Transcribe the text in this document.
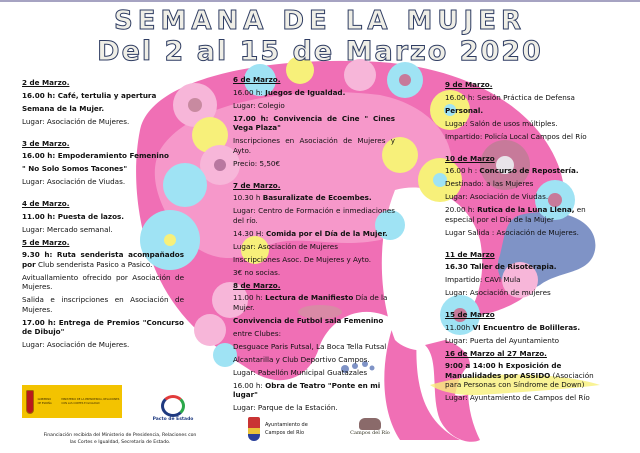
SEMANA DE LA MUJER
Del 2 al 15 de Marzo 2020

2 de Marzo.

16.00 h: Café, tertulia y apertura

Semana de la Mujer.

Lugar: Asociación de Mujeres.

3 de Marzo.

16.00 h: Empoderamiento Femenino

" No Solo Somos Tacones"

Lugar: Asociación de Viudas.

4 de Marzo.

11.00 h: Puesta de lazos.

Lugar: Mercado semanal.

5 de Marzo.

9.30 h: Ruta senderista acompañados por Club senderista Pasico a Pasico.

Avituallamiento ofrecido por Asociación de Mujeres.

Salida e inscripciones en Asociación de Mujeres.

17.00 h: Entrega de Premios "Concurso de Dibujo"

Lugar: Asociación de Mujeres.

6 de Marzo.

16.00 h: Juegos de Igualdad.

Lugar: Colegio

17.00 h: Convivencia de Cine " Cines Vega Plaza"

Inscripciones en Asociación de Mujeres y Ayto.

Precio: 5,50€

7 de Marzo.

10.30 h Basuralizate de Ecoembes.

Lugar: Centro de Formación e inmediaciones del río.

14.30 H: Comida por el Día de la Mujer.

Lugar: Asociación de Mujeres

Inscripciones Asoc. De Mujeres y Ayto.

3€ no socias.

8 de Marzo.

11.00 h: Lectura de Manifiesto Día de la Mujer.

Convivencia de Futbol sala Femenino

entre Clubes:

Desguace Paris Futsal, La Boca Tella Futsal

Alcantarilla y Club Deportivo Campos.

Lugar: Pabellón Municipal Guatazales

16.00 h: Obra de Teatro "Ponte en mi lugar"

Lugar: Parque de la Estación.

9 de Marzo.

16.00 h: Sesión Práctica de Defensa

Personal.

Lugar: Salón de usos múltiples.

Impartido: Policía Local Campos del Río

10 de Marzo

16.00 h : Concurso de Repostería.

Destinado: a las Mujeres

Lugar: Asociación de Viudas.

20.00 h: Rutica de la Luna Llena, en especial por el Día de la Mujer

Lugar Salida : Asociación de Mujeres.

11 de Marzo

16.30 Taller de Risoterapia.

Impartido: CAVI Mula

Lugar: Asociación de mujeres

15 de Marzo

11.00h VI Encuentro de Bolilleras.

Lugar: Puerta del Ayuntamiento

16 de Marzo al 27 Marzo.

9:00 a 14:00 h Exposición de Manualidades por ASSIDO (Asociación para Personas con Síndrome de Down)

Lugar: Ayuntamiento de Campos del Río

GOBIERNO DE ESPAÑA
MINISTERIO DE LA PRESIDENCIA, RELACIONES CON LAS CORTES E IGUALDAD
Pacto de Estado
Financiación recibida del Ministerio de Presidencia, Relaciones con las Cortes e Igualdad, Secretaría de Estado.
Ayuntamiento de
Campos del Río	Campos del Río
